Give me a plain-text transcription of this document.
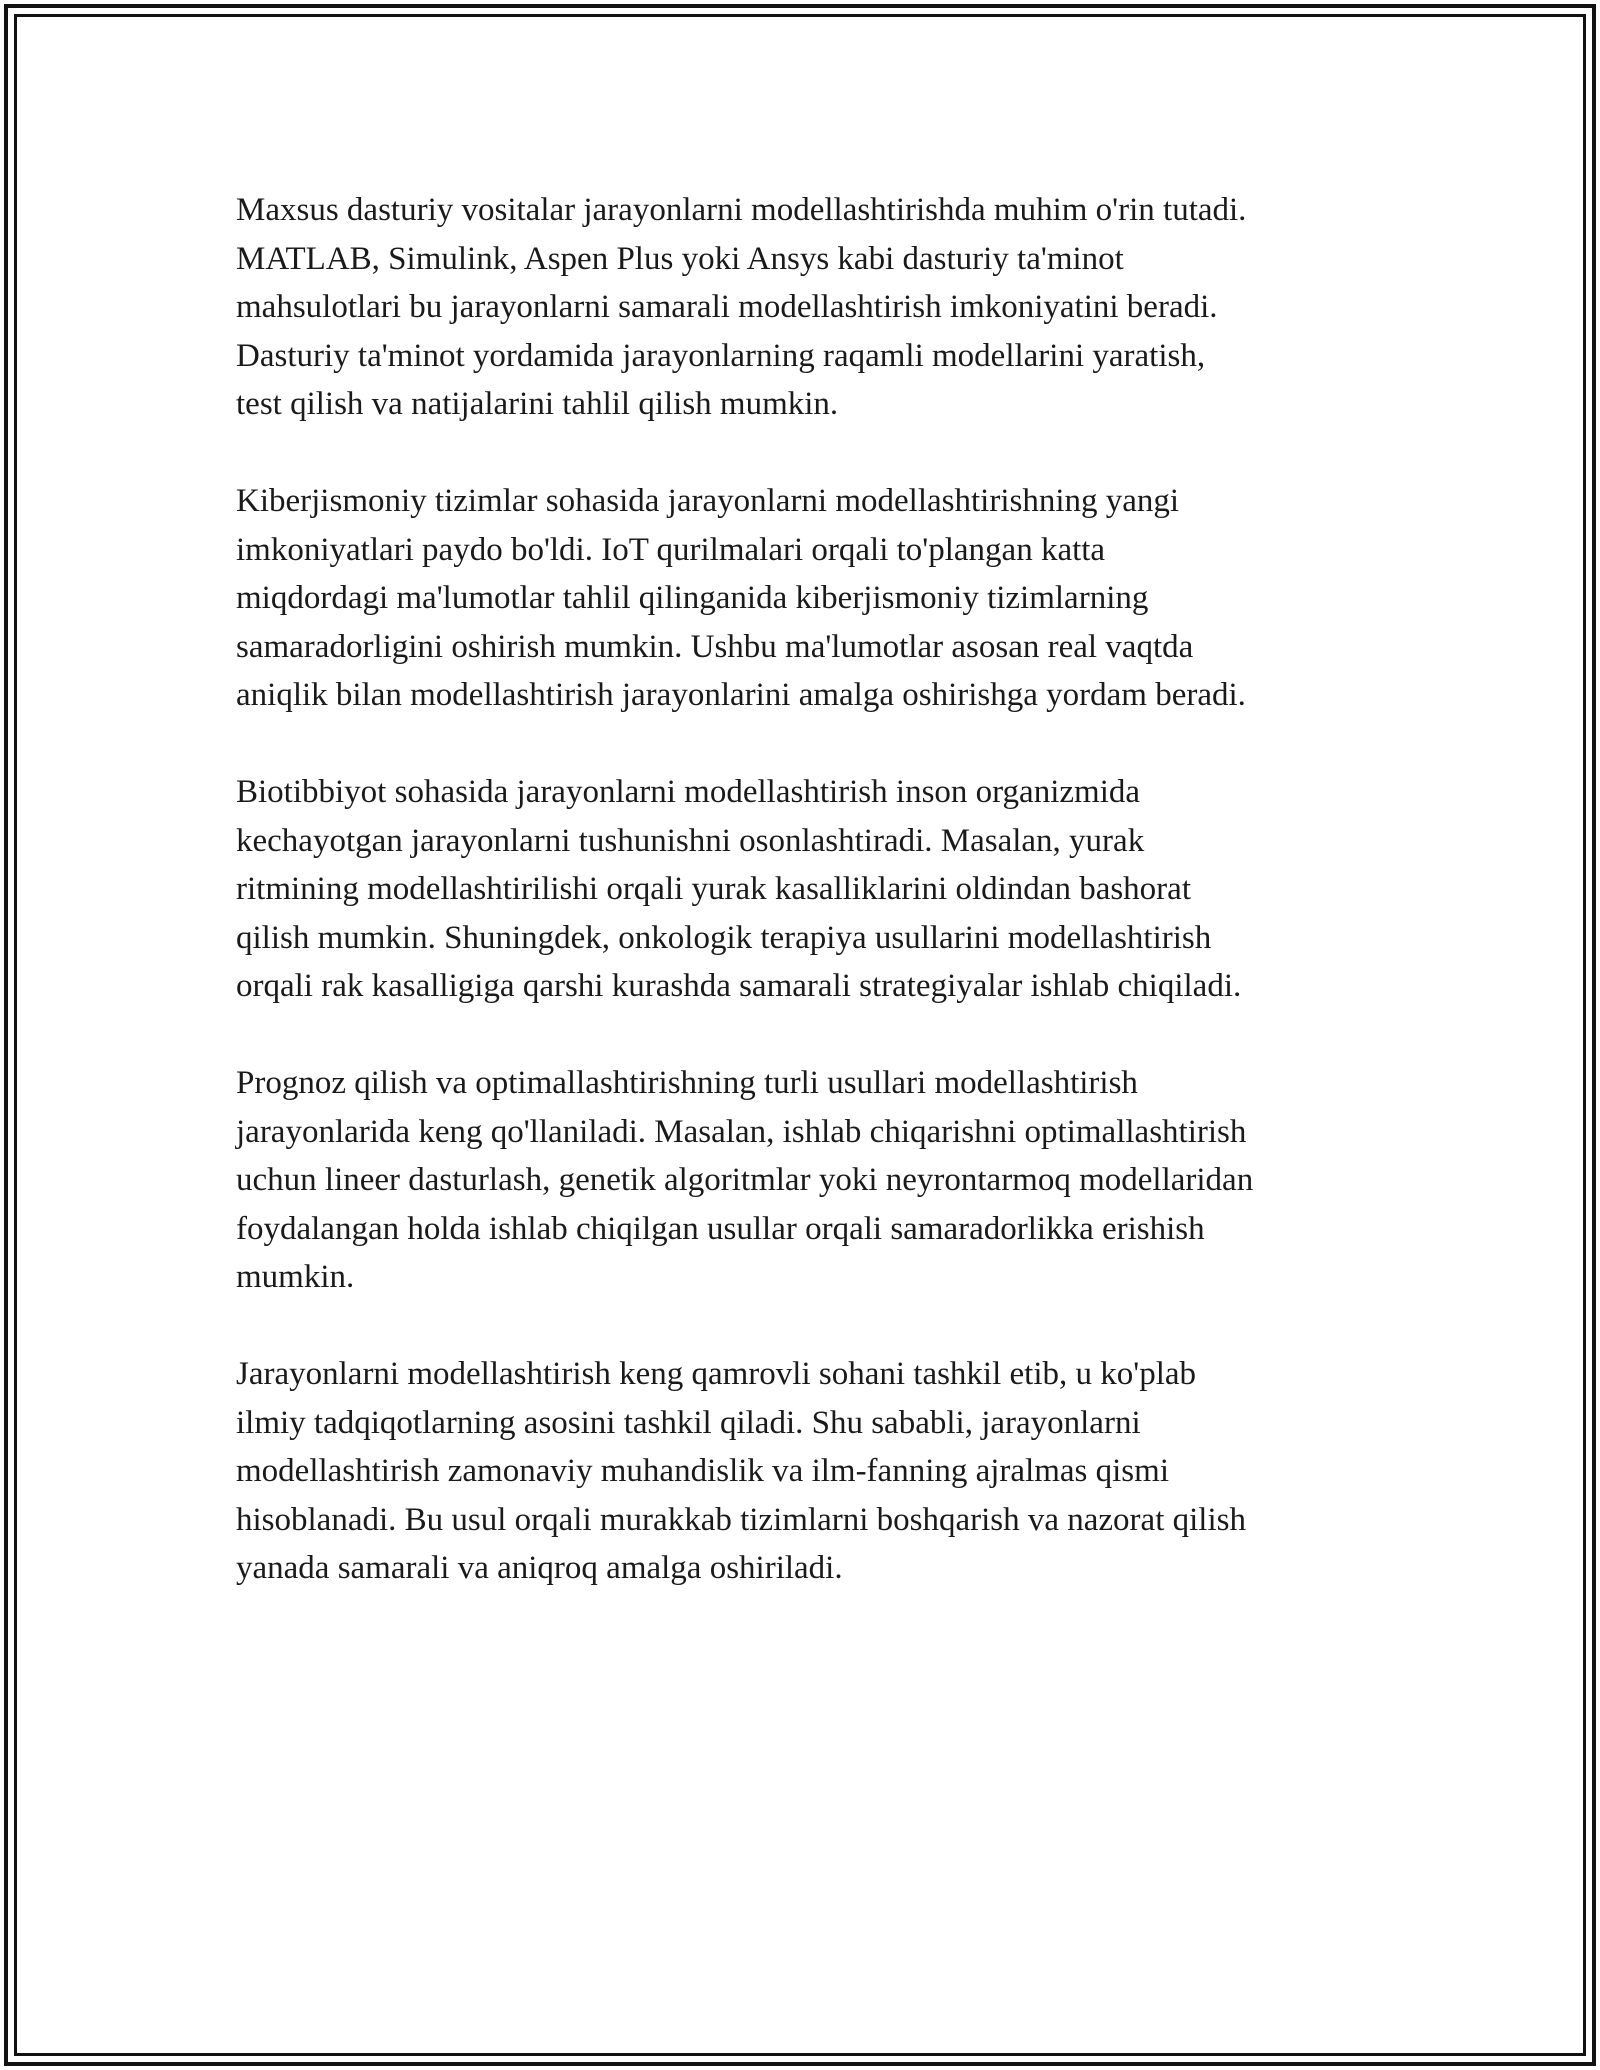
Maxsus dasturiy vositalar jarayonlarni modellashtirishda muhim o'rin tutadi.
MATLAB, Simulink, Aspen Plus yoki Ansys kabi dasturiy ta'minot
mahsulotlari bu jarayonlarni samarali modellashtirish imkoniyatini beradi.
Dasturiy ta'minot yordamida jarayonlarning raqamli modellarini yaratish,
test qilish va natijalarini tahlil qilish mumkin.

Kiberjismoniy tizimlar sohasida jarayonlarni modellashtirishning yangi
imkoniyatlari paydo bo'ldi. IoT qurilmalari orqali to'plangan katta
miqdordagi ma'lumotlar tahlil qilinganida kiberjismoniy tizimlarning
samaradorligini oshirish mumkin. Ushbu ma'lumotlar asosan real vaqtda
aniqlik bilan modellashtirish jarayonlarini amalga oshirishga yordam beradi.

Biotibbiyot sohasida jarayonlarni modellashtirish inson organizmida
kechayotgan jarayonlarni tushunishni osonlashtiradi. Masalan, yurak
ritmining modellashtirilishi orqali yurak kasalliklarini oldindan bashorat
qilish mumkin. Shuningdek, onkologik terapiya usullarini modellashtirish
orqali rak kasalligiga qarshi kurashda samarali strategiyalar ishlab chiqiladi.

Prognoz qilish va optimallashtirishning turli usullari modellashtirish
jarayonlarida keng qo'llaniladi. Masalan, ishlab chiqarishni optimallashtirish
uchun lineer dasturlash, genetik algoritmlar yoki neyrontarmoq modellaridan
foydalangan holda ishlab chiqilgan usullar orqali samaradorlikka erishish
mumkin.

Jarayonlarni modellashtirish keng qamrovli sohani tashkil etib, u ko'plab
ilmiy tadqiqotlarning asosini tashkil qiladi. Shu sababli, jarayonlarni
modellashtirish zamonaviy muhandislik va ilm-fanning ajralmas qismi
hisoblanadi. Bu usul orqali murakkab tizimlarni boshqarish va nazorat qilish
yanada samarali va aniqroq amalga oshiriladi.
